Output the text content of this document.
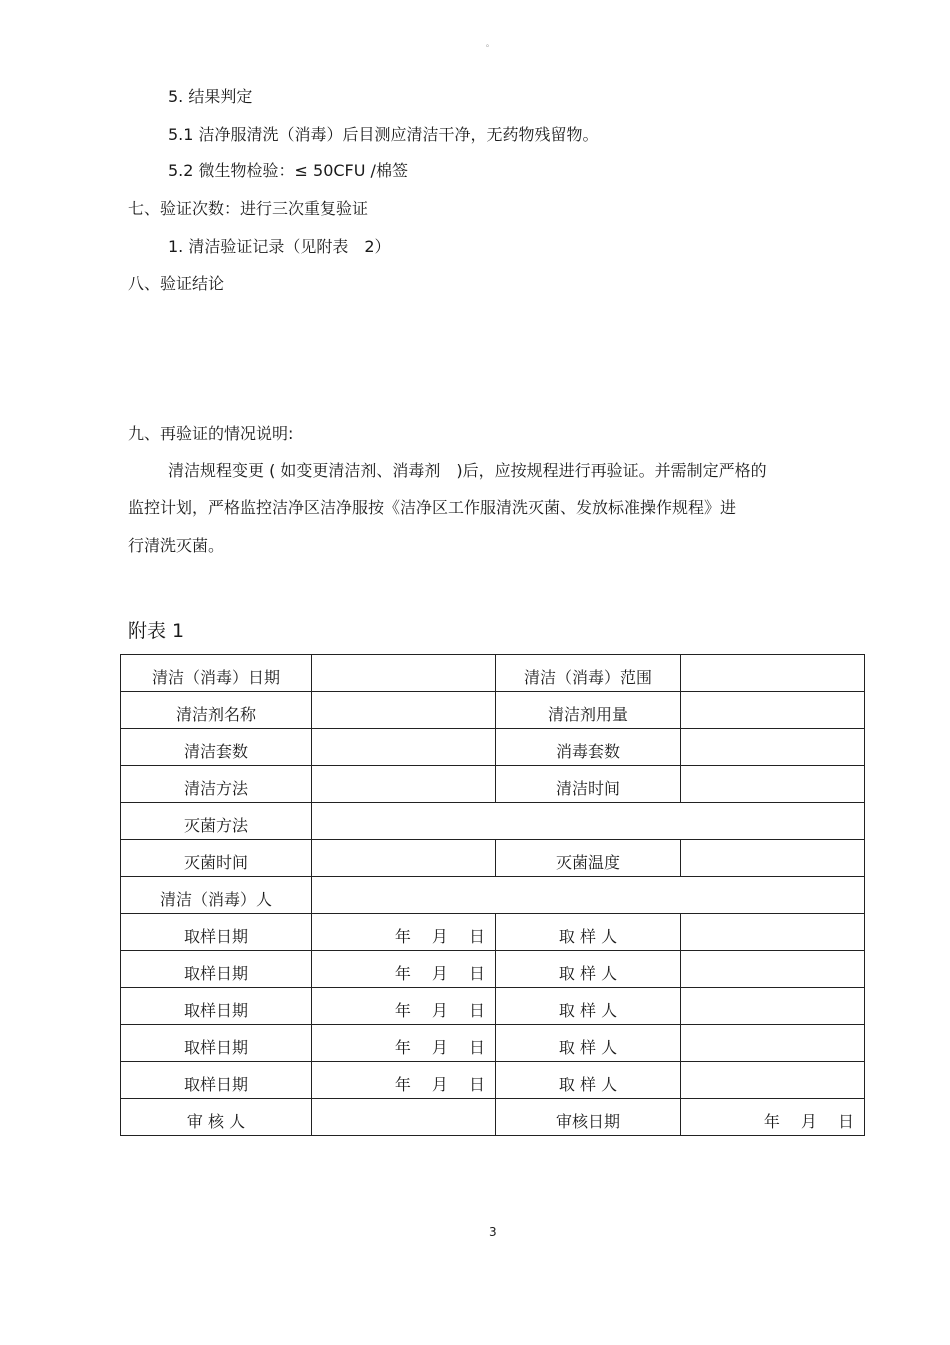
。
5. 结果判定
5.1 洁净服清洗（消毒）后目测应清洁干净，无药物残留物。
5.2 微生物检验：≤ 50CFU /棉签
七、验证次数：进行三次重复验证
1. 清洁验证记录（见附表　2）
八、验证结论
九、再验证的情况说明:
清洁规程变更 ( 如变更清洁剂、消毒剂　)后，应按规程进行再验证。并需制定严格的
监控计划，严格监控洁净区洁净服按《洁净区工作服清洗灭菌、发放标准操作规程》进
行清洗灭菌。
附表 1
清洁（消毒）日期		清洁（消毒）范围	
清洁剂名称		清洁剂用量	
清洁套数		消毒套数	
清洁方法		清洁时间	
灭菌方法			
灭菌时间		灭菌温度	
清洁（消毒）人			
取样日期	年　 月　 日	取 样 人	
取样日期	年　 月　 日	取 样 人	
取样日期	年　 月　 日	取 样 人	
取样日期	年　 月　 日	取 样 人	
取样日期	年　 月　 日	取 样 人	
审 核 人		审核日期	年　 月　 日
3
